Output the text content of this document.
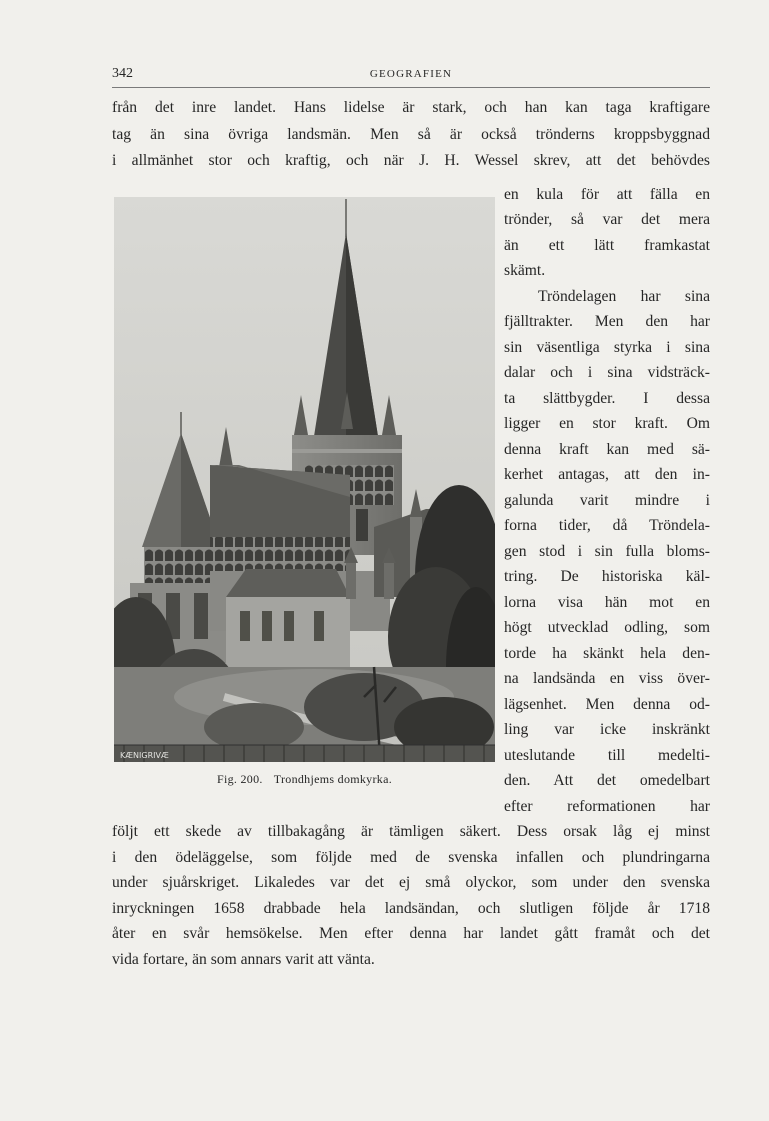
342	GEOGRAFIEN
från det inre landet. Hans lidelse är stark, och han kan taga kraftigare
tag än sina övriga landsmän. Men så är också trönderns kroppsbyggnad
i allmänhet stor och kraftig, och när J. H. Wessel skrev, att det behövdes
KÆNIGRIVÆ
Fig. 200. Trondhjems domkyrka.
en kula för att fälla en
trönder, så var det mera
än ett lätt framkastat
skämt.
Tröndelagen har sina
fjälltrakter. Men den har
sin väsentliga styrka i sina
dalar och i sina vidsträck-
ta slättbygder. I dessa
ligger en stor kraft. Om
denna kraft kan med sä-
kerhet antagas, att den in-
galunda varit mindre i
forna tider, då Tröndela-
gen stod i sin fulla bloms-
tring. De historiska käl-
lorna visa hän mot en
högt utvecklad odling, som
torde ha skänkt hela den-
na landsända en viss över-
lägsenhet. Men denna od-
ling var icke inskränkt
uteslutande till medelti-
den. Att det omedelbart
efter reformationen har
följt ett skede av tillbakagång är tämligen säkert. Dess orsak låg ej minst
i den ödeläggelse, som följde med de svenska infallen och plundringarna
under sjuårskriget. Likaledes var det ej små olyckor, som under den svenska
inryckningen 1658 drabbade hela landsändan, och slutligen följde år 1718
åter en svår hemsökelse. Men efter denna har landet gått framåt och det
vida fortare, än som annars varit att vänta.
